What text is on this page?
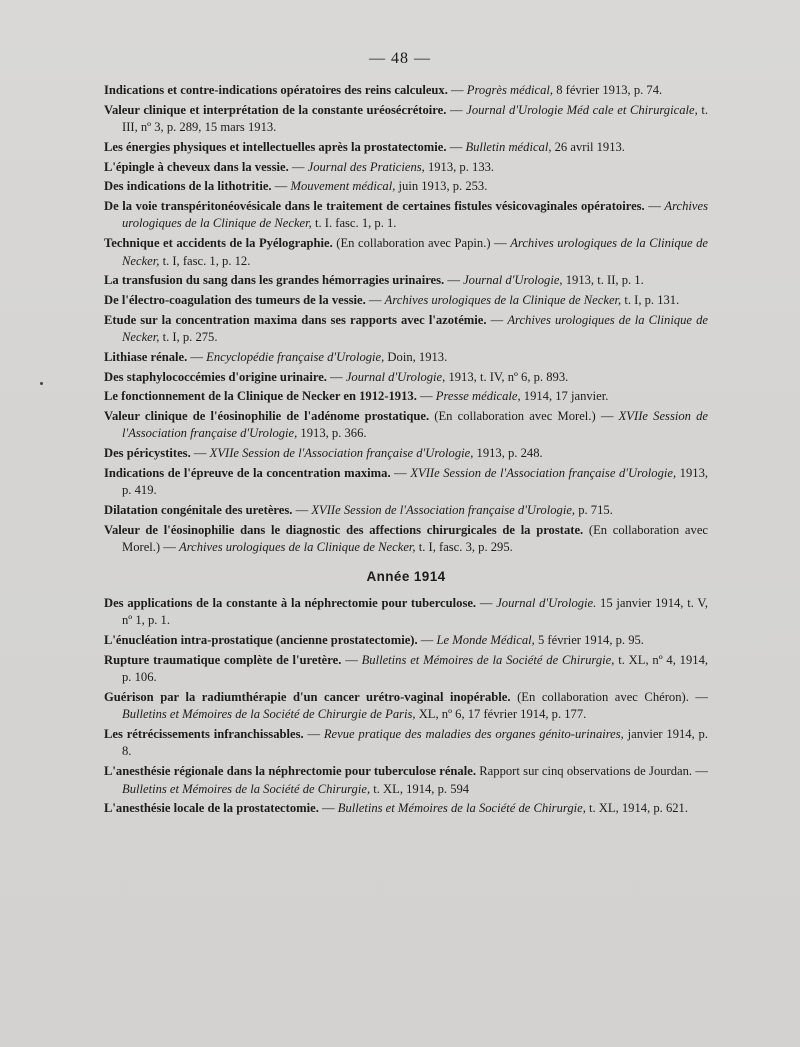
— 48 —

Indications et contre-indications opératoires des reins calculeux. — Progrès médical, 8 février 1913, p. 74.

Valeur clinique et interprétation de la constante uréosécrétoire. — Journal d'Urologie Méd cale et Chirurgicale, t. III, nº 3, p. 289, 15 mars 1913.

Les énergies physiques et intellectuelles après la prostatectomie. — Bulletin médical, 26 avril 1913.

L'épingle à cheveux dans la vessie. — Journal des Praticiens, 1913, p. 133.

Des indications de la lithotritie. — Mouvement médical, juin 1913, p. 253.

De la voie transpéritonéovésicale dans le traitement de certaines fistules vésicovaginales opératoires. — Archives urologiques de la Clinique de Necker, t. I. fasc. 1, p. 1.

Technique et accidents de la Pyélographie. (En collaboration avec Papin.) — Archives urologiques de la Clinique de Necker, t. I, fasc. 1, p. 12.

La transfusion du sang dans les grandes hémorragies urinaires. — Journal d'Urologie, 1913, t. II, p. 1.

De l'électro-coagulation des tumeurs de la vessie. — Archives urologiques de la Clinique de Necker, t. I, p. 131.

Etude sur la concentration maxima dans ses rapports avec l'azotémie. — Archives urologiques de la Clinique de Necker, t. I, p. 275.

Lithiase rénale. — Encyclopédie française d'Urologie, Doin, 1913.

Des staphylococcémies d'origine urinaire. — Journal d'Urologie, 1913, t. IV, nº 6, p. 893.

Le fonctionnement de la Clinique de Necker en 1912-1913. — Presse médicale, 1914, 17 janvier.

Valeur clinique de l'éosinophilie de l'adénome prostatique. (En collaboration avec Morel.) — XVIIe Session de l'Association française d'Urologie, 1913, p. 366.

Des péricystites. — XVIIe Session de l'Association française d'Urologie, 1913, p. 248.

Indications de l'épreuve de la concentration maxima. — XVIIe Session de l'Association française d'Urologie, 1913, p. 419.

Dilatation congénitale des uretères. — XVIIe Session de l'Association française d'Urologie, p. 715.

Valeur de l'éosinophilie dans le diagnostic des affections chirurgicales de la prostate. (En collaboration avec Morel.) — Archives urologiques de la Clinique de Necker, t. I, fasc. 3, p. 295.

Année 1914

Des applications de la constante à la néphrectomie pour tuberculose. — Journal d'Urologie. 15 janvier 1914, t. V, nº 1, p. 1.

L'énucléation intra-prostatique (ancienne prostatectomie). — Le Monde Médical, 5 février 1914, p. 95.

Rupture traumatique complète de l'uretère. — Bulletins et Mémoires de la Société de Chirurgie, t. XL, nº 4, 1914, p. 106.

Guérison par la radiumthérapie d'un cancer urétro-vaginal inopérable. (En collaboration avec Chéron). — Bulletins et Mémoires de la Société de Chirurgie de Paris, XL, nº 6, 17 février 1914, p. 177.

Les rétrécissements infranchissables. — Revue pratique des maladies des organes génito-urinaires, janvier 1914, p. 8.

L'anesthésie régionale dans la néphrectomie pour tuberculose rénale. Rapport sur cinq observations de Jourdan. — Bulletins et Mémoires de la Société de Chirurgie, t. XL, 1914, p. 594

L'anesthésie locale de la prostatectomie. — Bulletins et Mémoires de la Société de Chirurgie, t. XL, 1914, p. 621.
